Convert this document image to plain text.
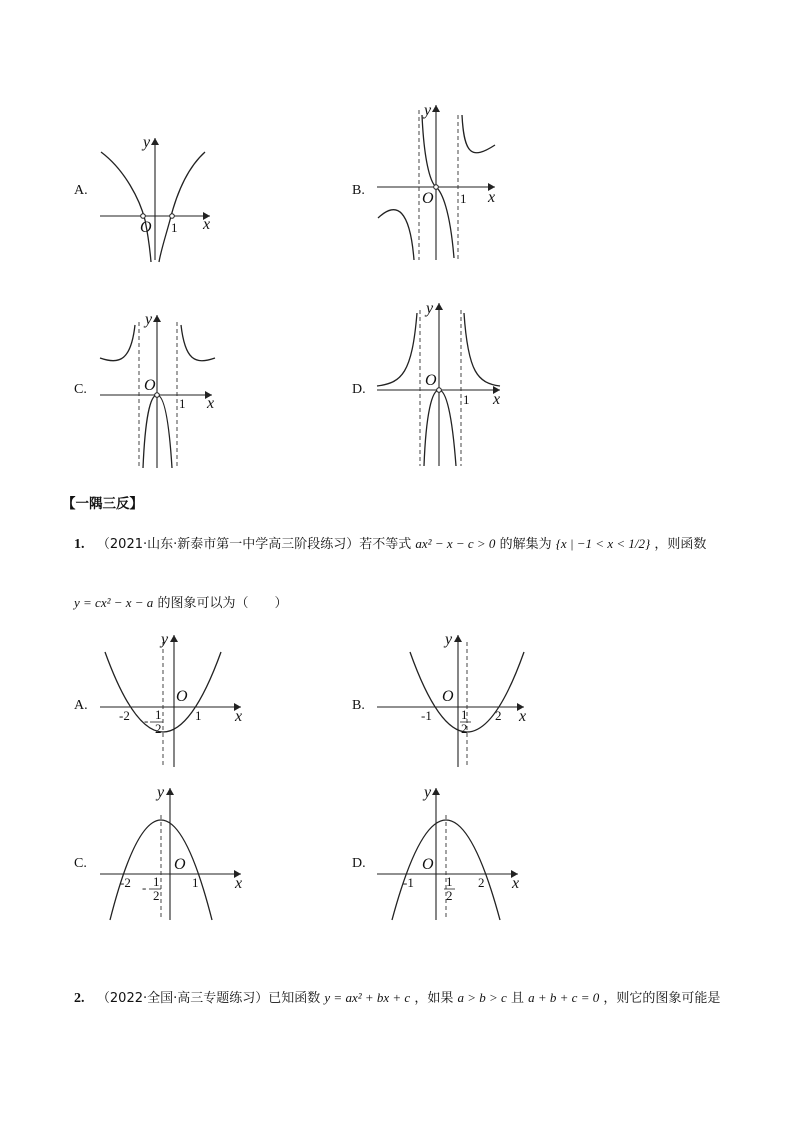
A.
x
y
O 1
B.	x
y
O 1
C.
x
y
O
1
D.
x
y
O
1
【一隅三反】
1. （2021·山东·新泰市第一中学高三阶段练习）若不等式 ax² − x − c > 0 的解集为 {x | −1 < x < 1/2} ，则函数
y = cx² − x − a 的图象可以为（　　）
A.
y
x
O
-2	1
1
2
-
B.
y
x
O
-1	2
1
2
C.
y
x
O
-2	1
1
2
-
D.
y
x
O
-1	2
1
2
2. （2022·全国·高三专题练习）已知函数 y = ax² + bx + c ，如果 a > b > c 且 a + b + c = 0 ，则它的图象可能是
